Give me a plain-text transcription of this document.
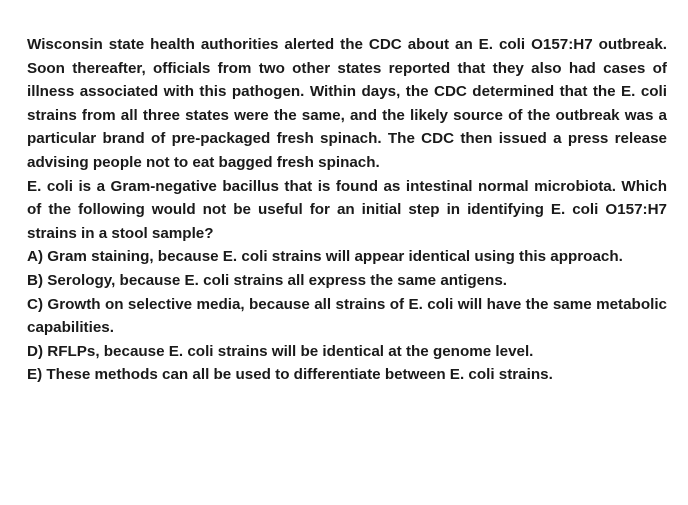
Wisconsin state health authorities alerted the CDC about an E. coli O157:H7 outbreak. Soon thereafter, officials from two other states reported that they also had cases of illness associated with this pathogen. Within days, the CDC determined that the E. coli strains from all three states were the same, and the likely source of the outbreak was a particular brand of pre-packaged fresh spinach. The CDC then issued a press release advising people not to eat bagged fresh spinach.

E. coli is a Gram-negative bacillus that is found as intestinal normal microbiota. Which of the following would not be useful for an initial step in identifying E. coli O157:H7 strains in a stool sample?

A) Gram staining, because E. coli strains will appear identical using this approach.

B) Serology, because E. coli strains all express the same antigens.

C) Growth on selective media, because all strains of E. coli will have the same metabolic capabilities.

D) RFLPs, because E. coli strains will be identical at the genome level.

E) These methods can all be used to differentiate between E. coli strains.
